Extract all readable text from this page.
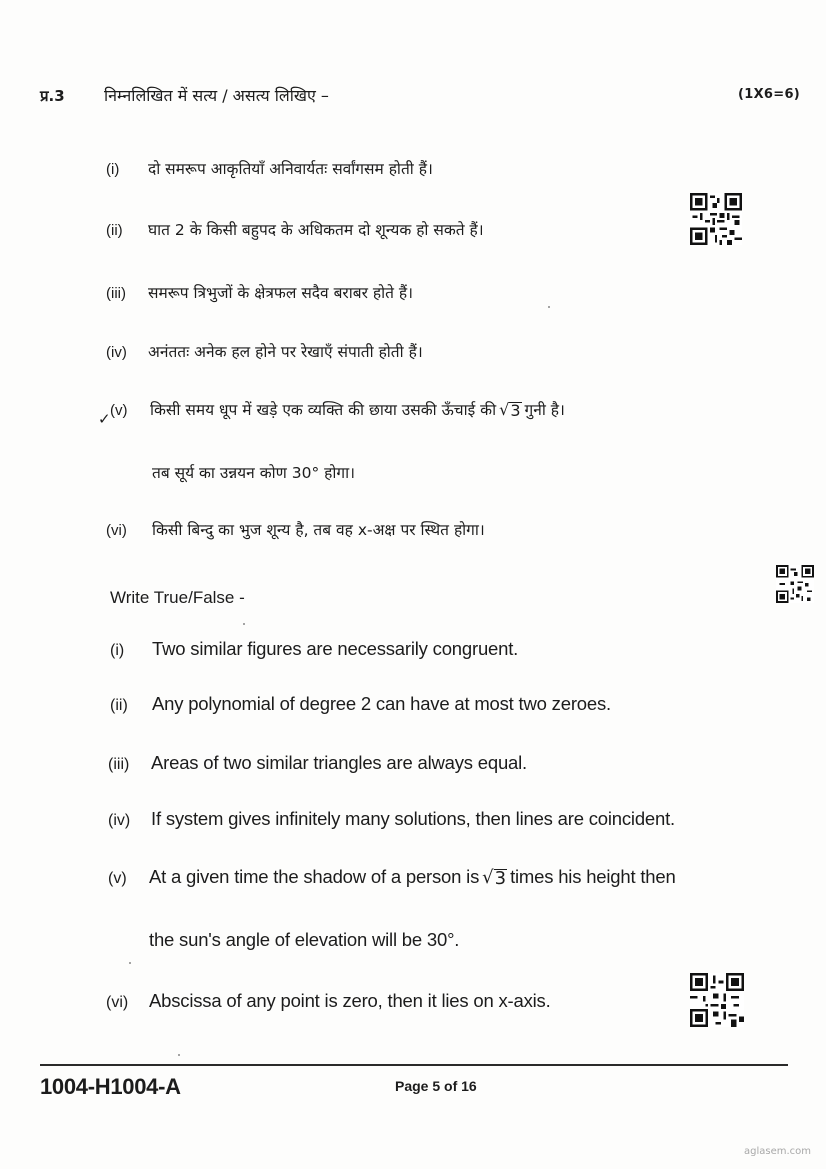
प्र.3 निम्नलिखित में सत्य / असत्य लिखिए –	(1X6=6)
(i)	दो समरूप आकृतियाँ अनिवार्यतः सर्वांगसम होती हैं।
(ii)	घात 2 के किसी बहुपद के अधिकतम दो शून्यक हो सकते हैं।
(iii)	समरूप त्रिभुजों के क्षेत्रफल सदैव बराबर होते हैं।
(iv)	अनंततः अनेक हल होने पर रेखाएँ संपाती होती हैं।
✓ (v)	किसी समय धूप में खड़े एक व्यक्ति की छाया उसकी ऊँचाई की √ 3 गुनी है।
तब सूर्य का उन्नयन कोण 30° होगा।
(vi)	किसी बिन्दु का भुज शून्य है, तब वह x-अक्ष पर स्थित होगा।
Write True/False -
(i)	Two similar figures are necessarily congruent.
(ii)	Any polynomial of degree 2 can have at most two zeroes.
(iii)	Areas of two similar triangles are always equal.
(iv)	If system gives infinitely many solutions, then lines are coincident.
(v)	At a given time the shadow of a person is √ 3 times his height then
the sun's angle of elevation will be 30°.
(vi)	Abscissa of any point is zero, then it lies on x-axis.
1004-H1004-A	Page 5 of 16
aglasem.com
